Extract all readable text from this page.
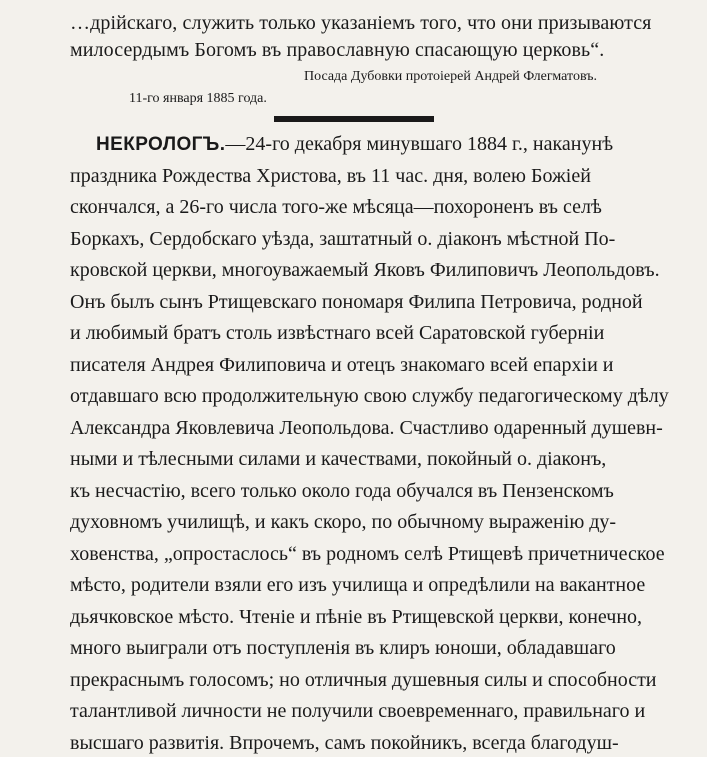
…дрійскаго, служить только указаніемъ того, что они призываются
милосердымъ Богомъ въ православную спасающую церковь“.
Посада Дубовки протоіерей Андрей Флегматовъ.
11-го января 1885 года.
НЕКРОЛОГЪ.—24-го декабря минувшаго 1884 г., наканунѣ
праздника Рождества Христова, въ 11 час. дня, волею Божіей
скончался, а 26-го числа того-же мѣсяца—похороненъ въ селѣ
Боркахъ, Сердобскаго уѣзда, заштатный о. діаконъ мѣстной По-
кровской церкви, многоуважаемый Яковъ Филиповичъ Леопольдовъ.
Онъ былъ сынъ Ртищевскаго пономаря Филипа Петровича, родной
и любимый братъ столь извѣстнаго всей Саратовской губерніи
писателя Андрея Филиповича и отецъ знакомаго всей епархіи и
отдавшаго всю продолжительную свою службу педагогическому дѣлу
Александра Яковлевича Леопольдова. Счастливо одаренный душевн-
ными и тѣлесными силами и качествами, покойный о. діаконъ,
къ несчастію, всего только около года обучался въ Пензенскомъ
духовномъ училищѣ, и какъ скоро, по обычному выраженію ду-
ховенства, „опростаслось“ въ родномъ селѣ Ртищевѣ причетническое
мѣсто, родители взяли его изъ училища и опредѣлили на вакантное
дьячковское мѣсто. Чтеніе и пѣніе въ Ртищевской церкви, конечно,
много выиграли отъ поступленія въ клиръ юноши, обладавшаго
прекраснымъ голосомъ; но отличныя душевныя силы и способности
талантливой личности не получили своевременнаго, правильнаго и
высшаго развитія. Впрочемъ, самъ покойникъ, всегда благодуш-
